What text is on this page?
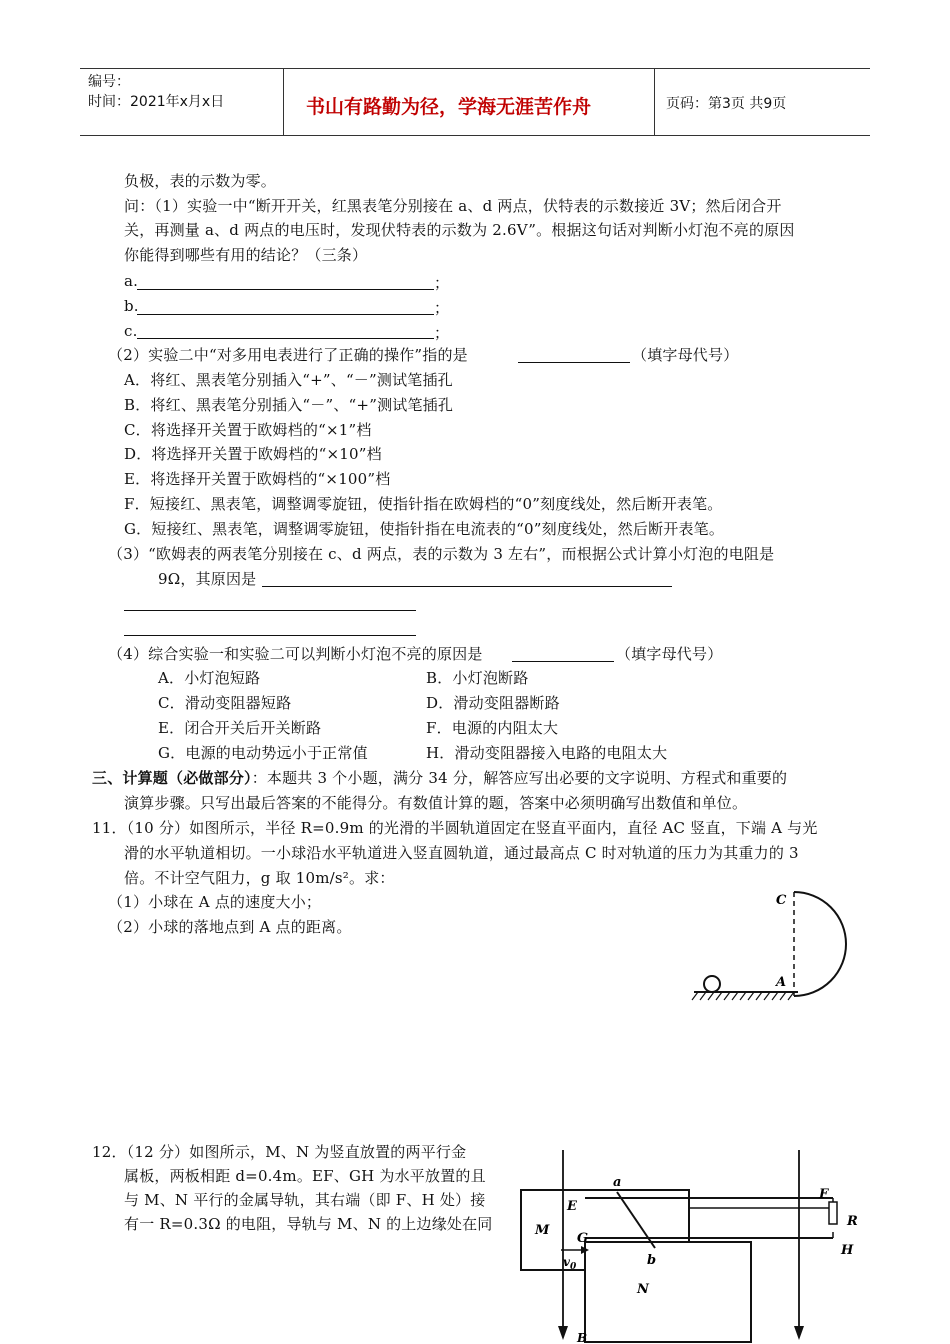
编号：
时间：2021年x月x日	书山有路勤为径，学海无涯苦作舟	页码：第3页 共9页
负极，表的示数为零。
问：（1）实验一中“断开开关，红黑表笔分别接在 a、d 两点，伏特表的示数接近 3V；然后闭合开
关，再测量 a、d 两点的电压时，发现伏特表的示数为 2.6V”。根据这句话对判断小灯泡不亮的原因
你能得到哪些有用的结论？（三条）
a.	；
b.	；
c.	；
（2）实验二中“对多用电表进行了正确的操作”指的是	（填字母代号）
A．将红、黑表笔分别插入“+”、“－”测试笔插孔
B．将红、黑表笔分别插入“－”、“+”测试笔插孔
C．将选择开关置于欧姆档的“×1”档
D．将选择开关置于欧姆档的“×10”档
E．将选择开关置于欧姆档的“×100”档
F．短接红、黑表笔，调整调零旋钮，使指针指在欧姆档的“0”刻度线处，然后断开表笔。
G．短接红、黑表笔，调整调零旋钮，使指针指在电流表的“0”刻度线处，然后断开表笔。
（3）“欧姆表的两表笔分别接在 c、d 两点，表的示数为 3 左右”，而根据公式计算小灯泡的电阻是
9Ω，其原因是
（4）综合实验一和实验二可以判断小灯泡不亮的原因是	（填字母代号）
A．小灯泡短路	B．小灯泡断路
C．滑动变阻器短路	D．滑动变阻器断路
E．闭合开关后开关断路	F．电源的内阻太大
G．电源的电动势远小于正常值	H．滑动变阻器接入电路的电阻太大
三、计算题（必做部分）：本题共 3 个小题，满分 34 分，解答应写出必要的文字说明、方程式和重要的
演算步骤。只写出最后答案的不能得分。有数值计算的题，答案中必须明确写出数值和单位。
11．（10 分）如图所示，半径 R=0.9m 的光滑的半圆轨道固定在竖直平面内，直径 AC 竖直，下端 A 与光
滑的水平轨道相切。一小球沿水平轨道进入竖直圆轨道，通过最高点 C 时对轨道的压力为其重力的 3
倍。不计空气阻力，g 取 10m/s²。求：
（1）小球在 A 点的速度大小；
（2）小球的落地点到 A 点的距离。
C
A
12．（12 分）如图所示，M、N 为竖直放置的两平行金
属板，两板相距 d=0.4m。EF、GH 为水平放置的且
与 M、N 平行的金属导轨，其右端（即 F、H 处）接
有一 R=0.3Ω 的电阻，导轨与 M、N 的上边缘处在同
a
b
E
G
F
R
H
M
N
$v_0$
B
